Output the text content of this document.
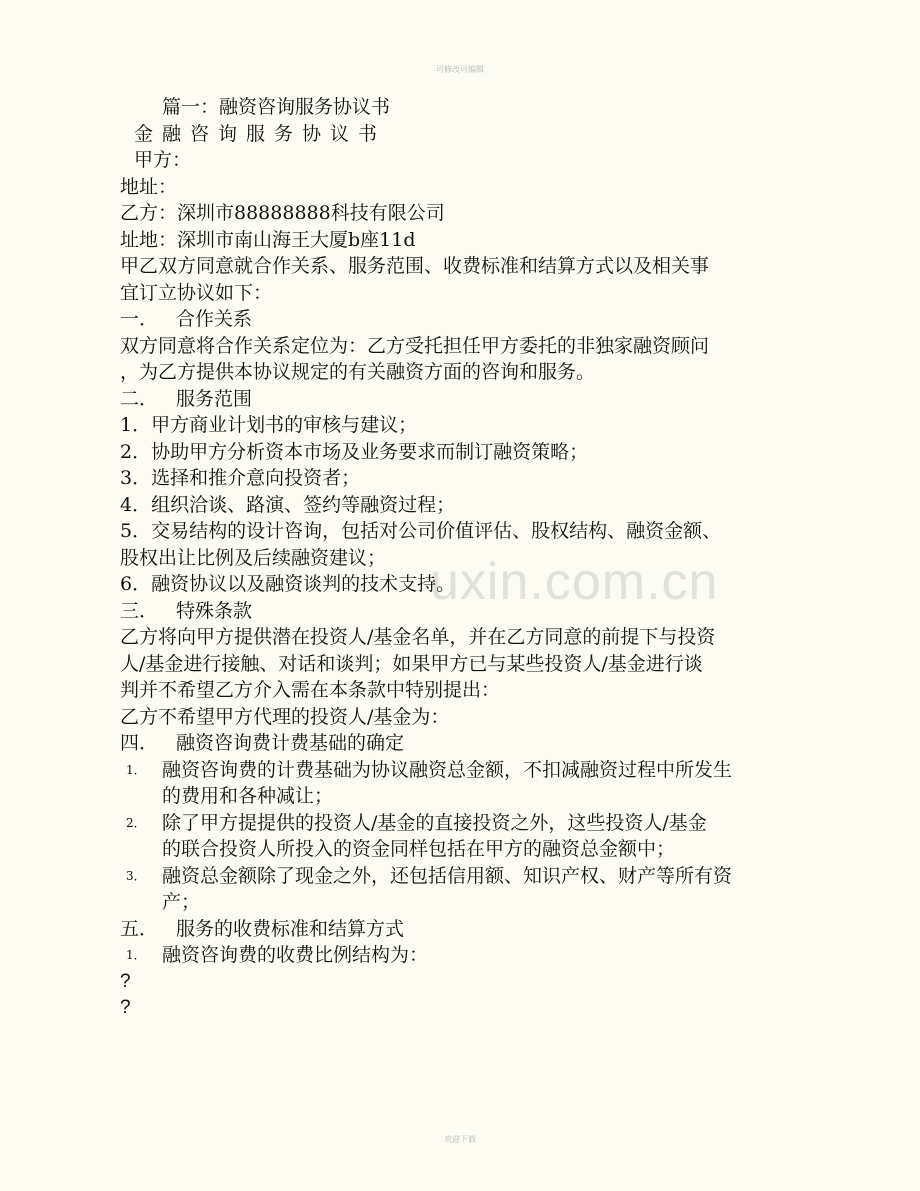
可修改可编辑
uxin.com.cn
篇一：融资咨询服务协议书
金融咨询服务协议书
甲方：
地址：
乙方：深圳市88888888科技有限公司
址地：深圳市南山海王大厦b座11d
甲乙双方同意就合作关系、服务范围、收费标准和结算方式以及相关事
宜订立协议如下：
一． 合作关系
双方同意将合作关系定位为：乙方受托担任甲方委托的非独家融资顾问
，为乙方提供本协议规定的有关融资方面的咨询和服务。
二． 服务范围
1．甲方商业计划书的审核与建议；
2．协助甲方分析资本市场及业务要求而制订融资策略；
3．选择和推介意向投资者；
4．组织洽谈、路演、签约等融资过程；
5．交易结构的设计咨询，包括对公司价值评估、股权结构、融资金额、
股权出让比例及后续融资建议；
6．融资协议以及融资谈判的技术支持。
三． 特殊条款
乙方将向甲方提供潜在投资人/基金名单，并在乙方同意的前提下与投资
人/基金进行接触、对话和谈判；如果甲方已与某些投资人/基金进行谈
判并不希望乙方介入需在本条款中特别提出：
乙方不希望甲方代理的投资人/基金为：
四． 融资咨询费计费基础的确定
1． 融资咨询费的计费基础为协议融资总金额，不扣减融资过程中所发生
的费用和各种减让；
2． 除了甲方提提供的投资人/基金的直接投资之外，这些投资人/基金
的联合投资人所投入的资金同样包括在甲方的融资总金额中；
3． 融资总金额除了现金之外，还包括信用额、知识产权、财产等所有资
产；
五． 服务的收费标准和结算方式
1． 融资咨询费的收费比例结构为：
?
?
欢迎下载
